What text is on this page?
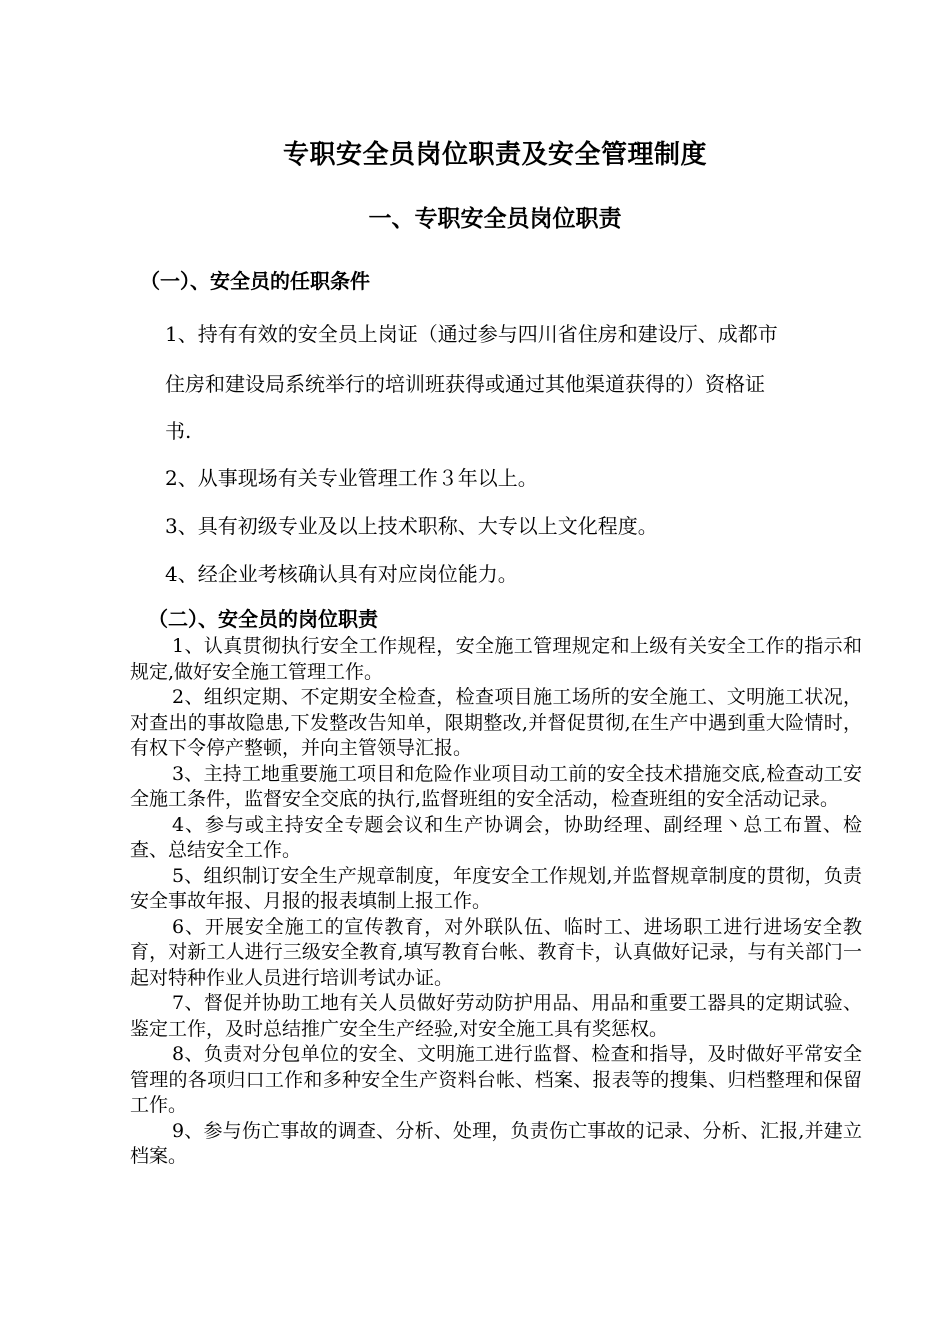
专职安全员岗位职责及安全管理制度
一、专职安全员岗位职责
（一）、安全员的任职条件
1、持有有效的安全员上岗证（通过参与四川省住房和建设厅、成都市
住房和建设局系统举行的培训班获得或通过其他渠道获得的）资格证
书.
2、从事现场有关专业管理工作３年以上。
3、具有初级专业及以上技术职称、大专以上文化程度。
4、经企业考核确认具有对应岗位能力。
（二）、安全员的岗位职责

1、认真贯彻执行安全工作规程，安全施工管理规定和上级有关安全工作的指示和规定,做好安全施工管理工作。

2、组织定期、不定期安全检查，检查项目施工场所的安全施工、文明施工状况，对查出的事故隐患,下发整改告知单，限期整改,并督促贯彻,在生产中遇到重大险情时，有权下令停产整顿，并向主管领导汇报。

3、主持工地重要施工项目和危险作业项目动工前的安全技术措施交底,检查动工安全施工条件，监督安全交底的执行,监督班组的安全活动，检查班组的安全活动记录。

4、参与或主持安全专题会议和生产协调会，协助经理、副经理丶总工布置、检查、总结安全工作。

5、组织制订安全生产规章制度，年度安全工作规划,并监督规章制度的贯彻，负责安全事故年报、月报的报表填制上报工作。

6、开展安全施工的宣传教育，对外联队伍、临时工、进场职工进行进场安全教育，对新工人进行三级安全教育,填写教育台帐、教育卡，认真做好记录，与有关部门一起对特种作业人员进行培训考试办证。

7、督促并协助工地有关人员做好劳动防护用品、用品和重要工器具的定期试验、鉴定工作，及时总结推广安全生产经验,对安全施工具有奖惩权。

8、负责对分包单位的安全、文明施工进行监督、检查和指导，及时做好平常安全管理的各项归口工作和多种安全生产资料台帐、档案、报表等的搜集、归档整理和保留工作。

9、参与伤亡事故的调查、分析、处理，负责伤亡事故的记录、分析、汇报,并建立档案。
